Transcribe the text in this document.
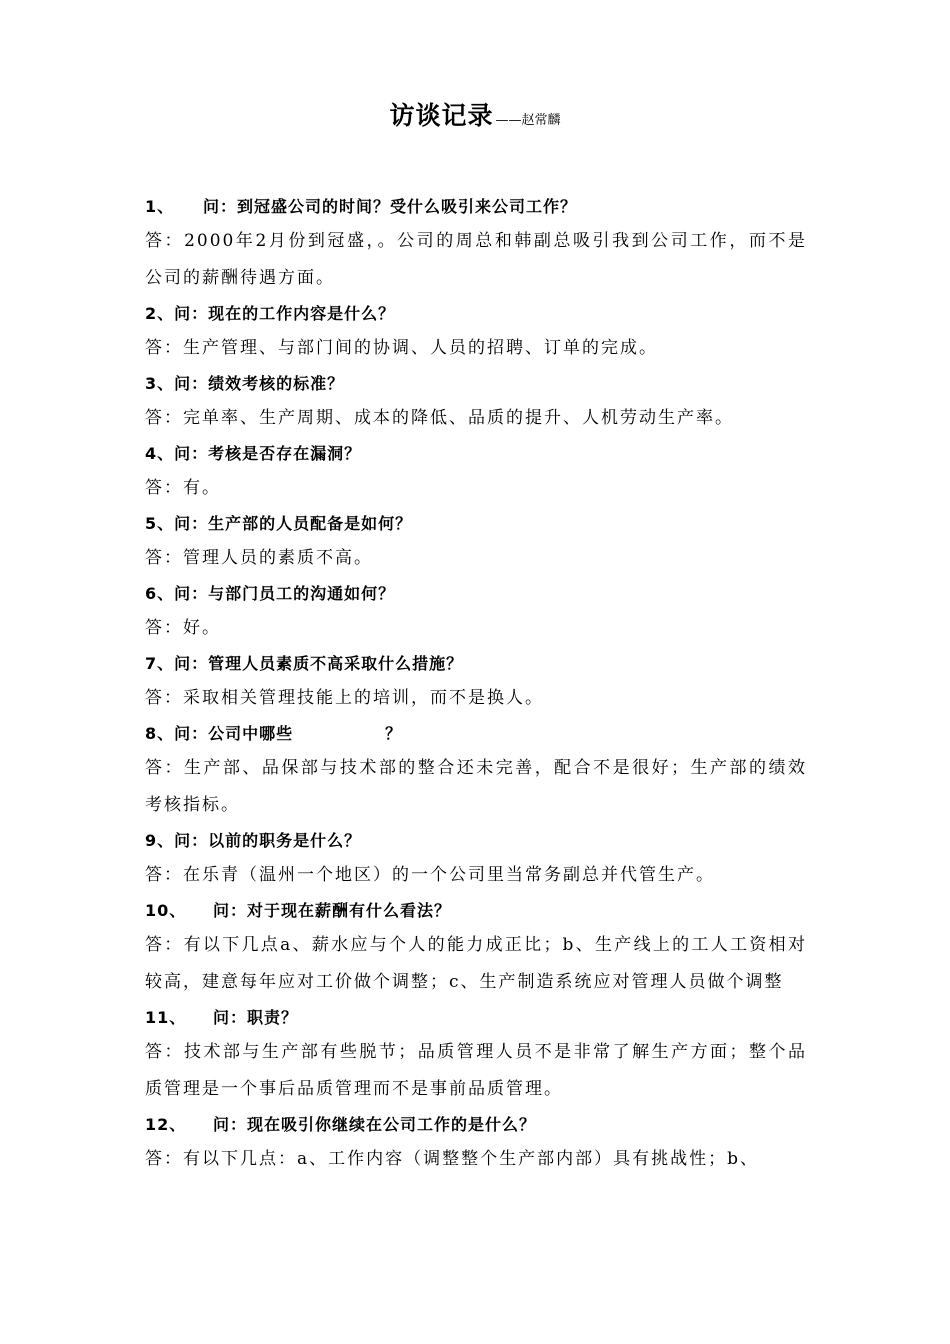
访谈记录 ——赵常麟
1、 问：到冠盛公司的时间？受什么吸引来公司工作？
答：2000年2月份到冠盛，。公司的周总和韩副总吸引我到公司工作，而不是公司的薪酬待遇方面。
2、问：现在的工作内容是什么？
答：生产管理、与部门间的协调、人员的招聘、订单的完成。
3、问：绩效考核的标准？
答：完单率、生产周期、成本的降低、品质的提升、人机劳动生产率。
4、问：考核是否存在漏洞？
答：有。
5、问：生产部的人员配备是如何？
答：管理人员的素质不高。
6、问：与部门员工的沟通如何？
答：好。
7、问：管理人员素质不高采取什么措施？
答：采取相关管理技能上的培训，而不是换人。
8、问：公司中哪些	？
答：生产部、品保部与技术部的整合还未完善，配合不是很好；生产部的绩效考核指标。
9、问：以前的职务是什么？
答：在乐青（温州一个地区）的一个公司里当常务副总并代管生产。
10、 问：对于现在薪酬有什么看法？
答：有以下几点a、薪水应与个人的能力成正比；b、生产线上的工人工资相对较高，建意每年应对工价做个调整；c、生产制造系统应对管理人员做个调整
11、 问：职责？
答：技术部与生产部有些脱节；品质管理人员不是非常了解生产方面；整个品质管理是一个事后品质管理而不是事前品质管理。
12、 问：现在吸引你继续在公司工作的是什么？
答：有以下几点：a、工作内容（调整整个生产部内部）具有挑战性；b、
